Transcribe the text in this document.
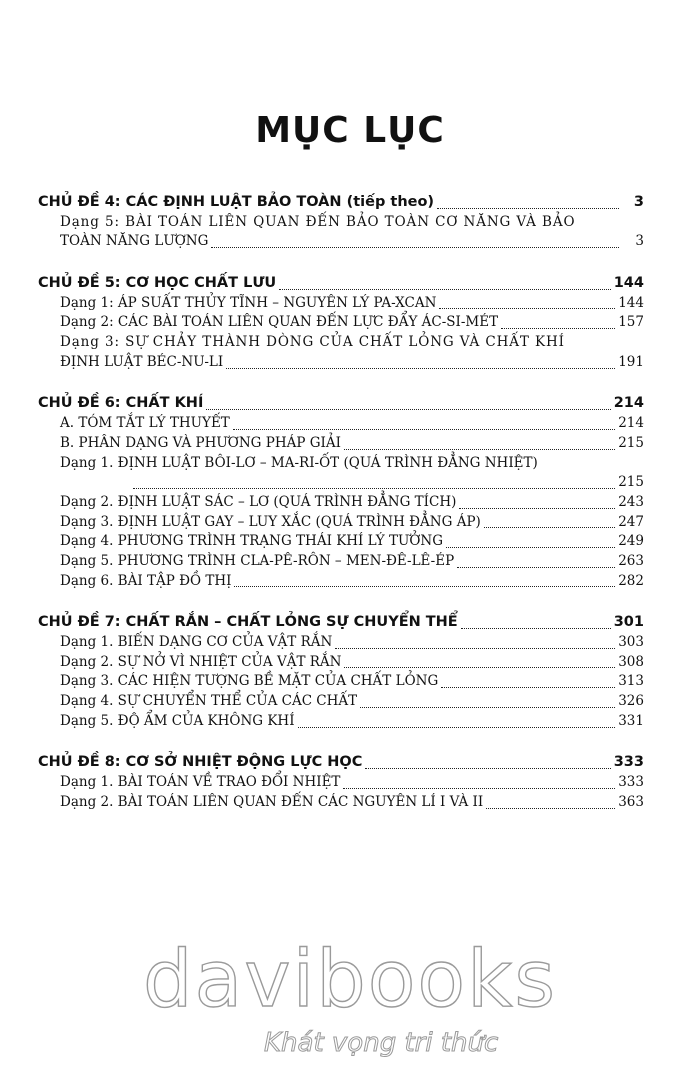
MỤC LỤC
CHỦ ĐỀ 4: CÁC ĐỊNH LUẬT BẢO TOÀN (tiếp theo)	3
Dạng 5: BÀI TOÁN LIÊN QUAN ĐẾN BẢO TOÀN CƠ NĂNG VÀ BẢO
TOÀN NĂNG LƯỢNG	3
CHỦ ĐỀ 5: CƠ HỌC CHẤT LƯU	144
Dạng 1: ÁP SUẤT THỦY TĨNH – NGUYÊN LÝ PA-XCAN	144
Dạng 2: CÁC BÀI TOÁN LIÊN QUAN ĐẾN LỰC ĐẨY ÁC-SI-MÉT	157
Dạng 3: SỰ CHẢY THÀNH DÒNG CỦA CHẤT LỎNG VÀ CHẤT KHÍ
ĐỊNH LUẬT BÉC-NU-LI	191
CHỦ ĐỀ 6: CHẤT KHÍ	214
A. TÓM TẮT LÝ THUYẾT	214
B. PHÂN DẠNG VÀ PHƯƠNG PHÁP GIẢI	215
Dạng 1. ĐỊNH LUẬT BÔI-LƠ – MA-RI-ỐT (QUÁ TRÌNH ĐẲNG NHIỆT)
215
Dạng 2. ĐỊNH LUẬT SÁC – LƠ (QUÁ TRÌNH ĐẲNG TÍCH)	243
Dạng 3. ĐỊNH LUẬT GAY – LUY XẮC (QUÁ TRÌNH ĐẲNG ÁP)	247
Dạng 4. PHƯƠNG TRÌNH TRẠNG THÁI KHÍ LÝ TƯỞNG	249
Dạng 5. PHƯƠNG TRÌNH CLA-PÊ-RÔN – MEN-ĐÊ-LÊ-ÉP	263
Dạng 6. BÀI TẬP ĐỒ THỊ	282
CHỦ ĐỀ 7: CHẤT RẮN – CHẤT LỎNG SỰ CHUYỂN THỂ	301
Dạng 1. BIẾN DẠNG CƠ CỦA VẬT RẮN	303
Dạng 2. SỰ NỞ VÌ NHIỆT CỦA VẬT RẮN	308
Dạng 3. CÁC HIỆN TƯỢNG BỀ MẶT CỦA CHẤT LỎNG	313
Dạng 4. SỰ CHUYỂN THỂ CỦA CÁC CHẤT	326
Dạng 5. ĐỘ ẨM CỦA KHÔNG KHÍ	331
CHỦ ĐỀ 8: CƠ SỞ NHIỆT ĐỘNG LỰC HỌC	333
Dạng 1. BÀI TOÁN VỀ TRAO ĐỔI NHIỆT	333
Dạng 2. BÀI TOÁN LIÊN QUAN ĐẾN CÁC NGUYÊN LÍ I VÀ II	363
davibooks
Khát vọng tri thức
